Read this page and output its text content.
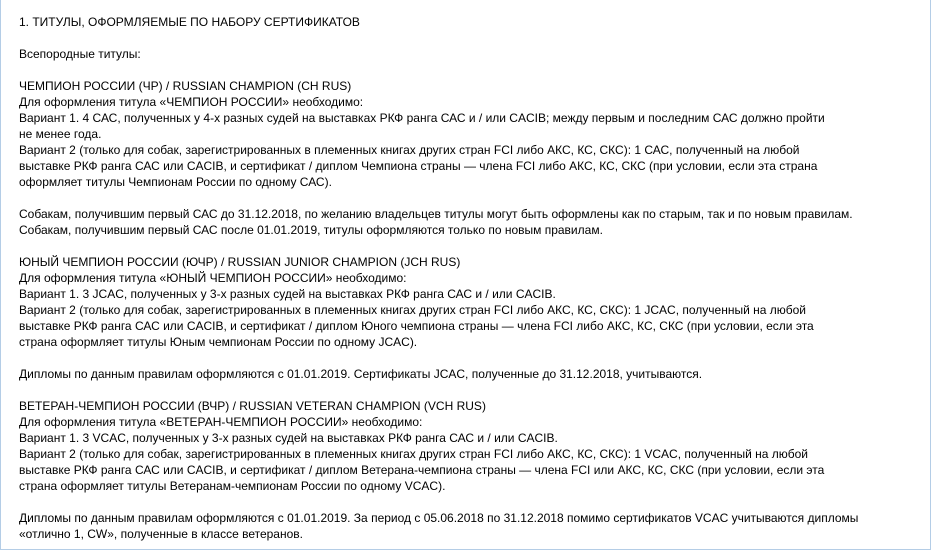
1. ТИТУЛЫ, ОФОРМЛЯЕМЫЕ ПО НАБОРУ СЕРТИФИКАТОВ
Всепородные титулы:
ЧЕМПИОН РОССИИ (ЧР) / RUSSIAN CHAMPION (CH RUS)
Для оформления титула «ЧЕМПИОН РОССИИ» необходимо:
Вариант 1. 4 САС, полученных у 4-х разных судей на выставках РКФ ранга САС и / или CACIB; между первым и последним САС должно пройти
не менее года.
Вариант 2 (только для собак, зарегистрированных в племенных книгах других стран FCI либо АКС, КС, СКС): 1 САС, полученный на любой
выставке РКФ ранга САС или CACIB, и сертификат / диплом Чемпиона страны — члена FCI либо АКС, КС, СКС (при условии, если эта страна
оформляет титулы Чемпионам России по одному САС).
Собакам, получившим первый САС до 31.12.2018, по желанию владельцев титулы могут быть оформлены как по старым, так и по новым правилам.
Собакам, получившим первый САС после 01.01.2019, титулы оформляются только по новым правилам.
ЮНЫЙ ЧЕМПИОН РОССИИ (ЮЧР) / RUSSIAN JUNIOR CHAMPION (JCH RUS)
Для оформления титула «ЮНЫЙ ЧЕМПИОН РОССИИ» необходимо:
Вариант 1. 3 JCAC, полученных у 3-х разных судей на выставках РКФ ранга САС и / или CACIB.
Вариант 2 (только для собак, зарегистрированных в племенных книгах других стран FCI либо АКС, КС, СКС): 1 JCAC, полученный на любой
выставке РКФ ранга САС или CACIB, и сертификат / диплом Юного чемпиона страны — члена FCI либо АКС, КС, СКС (при условии, если эта
страна оформляет титулы Юным чемпионам России по одному JCAC).
Дипломы по данным правилам оформляются с 01.01.2019. Сертификаты JCAC, полученные до 31.12.2018, учитываются.
ВЕТЕРАН-ЧЕМПИОН РОССИИ (ВЧР) / RUSSIAN VETERAN CHAMPION (VCH RUS)
Для оформления титула «ВЕТЕРАН-ЧЕМПИОН РОССИИ» необходимо:
Вариант 1. 3 VCAC, полученных у 3-х разных судей на выставках РКФ ранга САС и / или CACIB.
Вариант 2 (только для собак, зарегистрированных в племенных книгах других стран FCI либо АКС, КС, СКС): 1 VCAC, полученный на любой
выставке РКФ ранга САС или CACIB, и сертификат / диплом Ветерана-чемпиона страны — члена FCI или АКС, КС, СКС (при условии, если эта
страна оформляет титулы Ветеранам-чемпионам России по одному VCAC).
Дипломы по данным правилам оформляются с 01.01.2019. За период с 05.06.2018 по 31.12.2018 помимо сертификатов VCAC учитываются дипломы
«отлично 1, CW», полученные в классе ветеранов.
